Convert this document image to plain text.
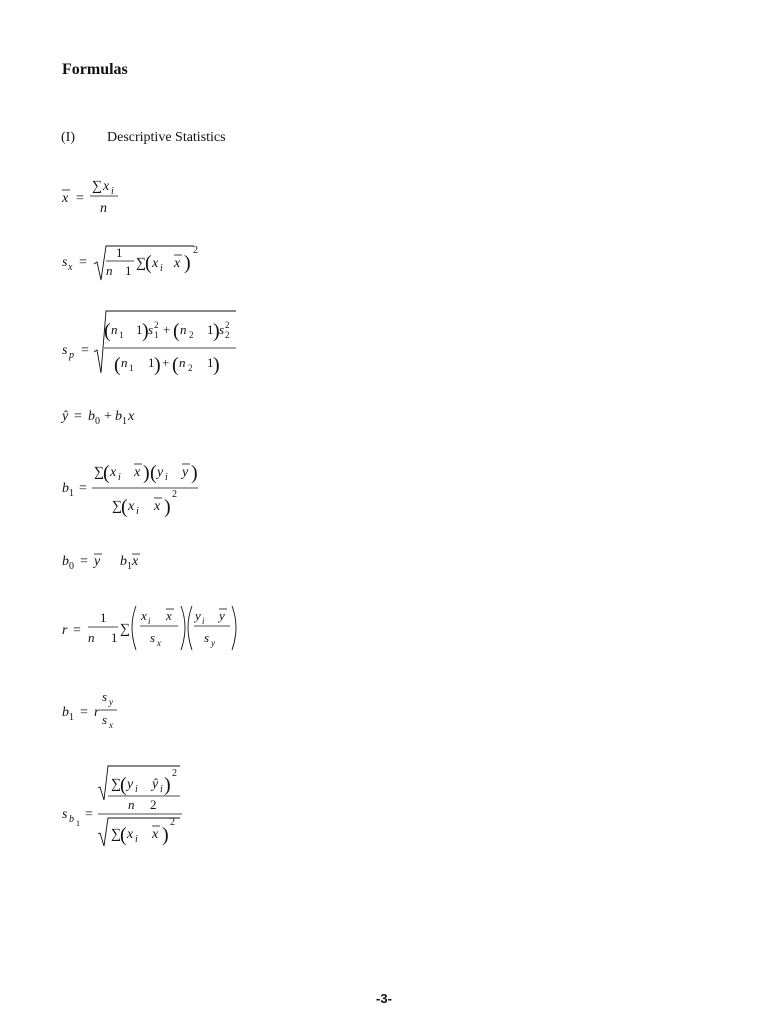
Formulas
(I) Descriptive Statistics
x =
∑ x i
n
s x =
1
n 1 ∑ ( x i x )
2
s p =
( n 1 1 ) s 2
1 + ( n 2 1 ) s 2
2
( n 1 1 ) + ( n 2 1 )
ŷ = b 0 + b 1 x
b 1 =
∑ ( x i x ) ( y i y )
∑ ( x i x )
2
b 0 = y b 1 x
r =
1
n 1
∑
x i x
s x
y i y
s y
b 1 = r
s y
s x
s b 1
=
∑ ( y i ŷ i )
2
n 2
∑ ( x i x )
2
-3-
